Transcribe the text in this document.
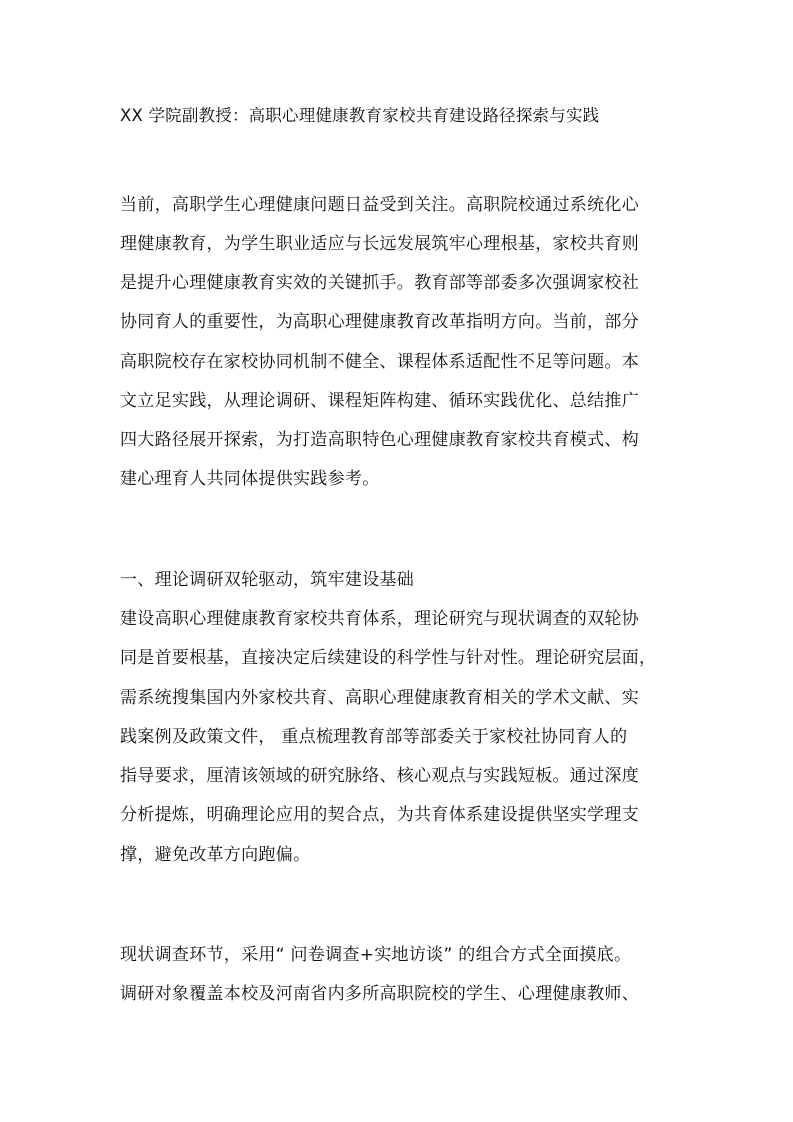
XX 学院副教授：高职心理健康教育家校共育建设路径探索与实践
当前，高职学生心理健康问题日益受到关注。高职院校通过系统化心
理健康教育，为学生职业适应与长远发展筑牢心理根基，家校共育则
是提升心理健康教育实效的关键抓手。教育部等部委多次强调家校社
协同育人的重要性，为高职心理健康教育改革指明方向。当前，部分
高职院校存在家校协同机制不健全、课程体系适配性不足等问题。本
文立足实践，从理论调研、课程矩阵构建、循环实践优化、总结推广
四大路径展开探索，为打造高职特色心理健康教育家校共育模式、构
建心理育人共同体提供实践参考。
一、理论调研双轮驱动，筑牢建设基础
建设高职心理健康教育家校共育体系，理论研究与现状调查的双轮协
同是首要根基，直接决定后续建设的科学性与针对性。理论研究层面，
需系统搜集国内外家校共育、高职心理健康教育相关的学术文献、实
践案例及政策文件， 重点梳理教育部等部委关于家校社协同育人的
指导要求，厘清该领域的研究脉络、核心观点与实践短板。通过深度
分析提炼，明确理论应用的契合点，为共育体系建设提供坚实学理支
撑，避免改革方向跑偏。
现状调查环节，采用“ 问卷调查+实地访谈” 的组合方式全面摸底。
调研对象覆盖本校及河南省内多所高职院校的学生、心理健康教师、
